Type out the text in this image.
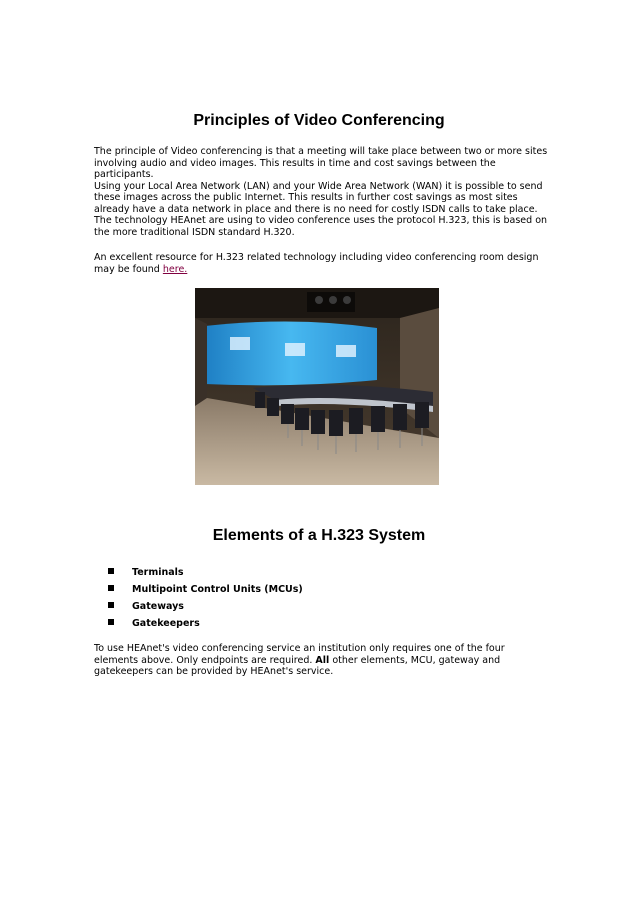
Principles of Video Conferencing

The principle of Video conferencing is that a meeting will take place between two or more sites
involving audio and video images. This results in time and cost savings between the
participants.
Using your Local Area Network (LAN) and your Wide Area Network (WAN) it is possible to send
these images across the public Internet. This results in further cost savings as most sites
already have a data network in place and there is no need for costly ISDN calls to take place.
The technology HEAnet are using to video conference uses the protocol H.323, this is based on
the more traditional ISDN standard H.320.

An excellent resource for H.323 related technology including video conferencing room design
may be found here.

Elements of a H.323 System
Terminals
Multipoint Control Units (MCUs)
Gateways
Gatekeepers

To use HEAnet's video conferencing service an institution only requires one of the four
elements above. Only endpoints are required. All other elements, MCU, gateway and
gatekeepers can be provided by HEAnet's service.
